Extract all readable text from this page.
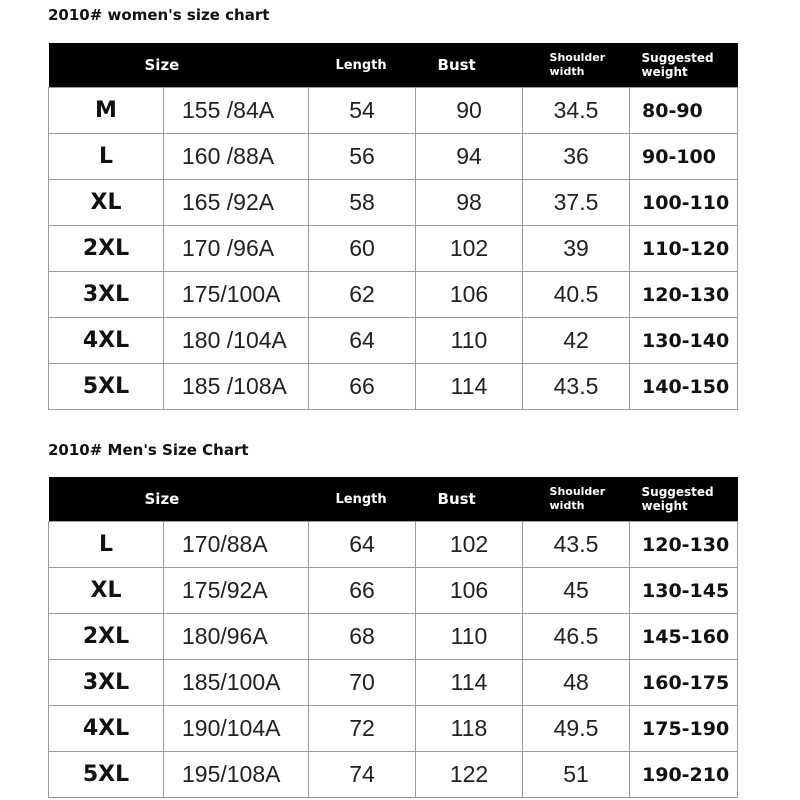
2010# women's size chart
Size		Length	Bust	Shoulder width	Suggested weight

M	155 /84A	54	90	34.5	80-90
L	160 /88A	56	94	36	90-100
XL	165 /92A	58	98	37.5	100-110
2XL	170 /96A	60	102	39	110-120
3XL	175/100A	62	106	40.5	120-130
4XL	180 /104A	64	110	42	130-140
5XL	185 /108A	66	114	43.5	140-150
2010# Men's Size Chart
Size		Length	Bust	Shoulder width	Suggested weight

L	170/88A	64	102	43.5	120-130
XL	175/92A	66	106	45	130-145
2XL	180/96A	68	110	46.5	145-160
3XL	185/100A	70	114	48	160-175
4XL	190/104A	72	118	49.5	175-190
5XL	195/108A	74	122	51	190-210
